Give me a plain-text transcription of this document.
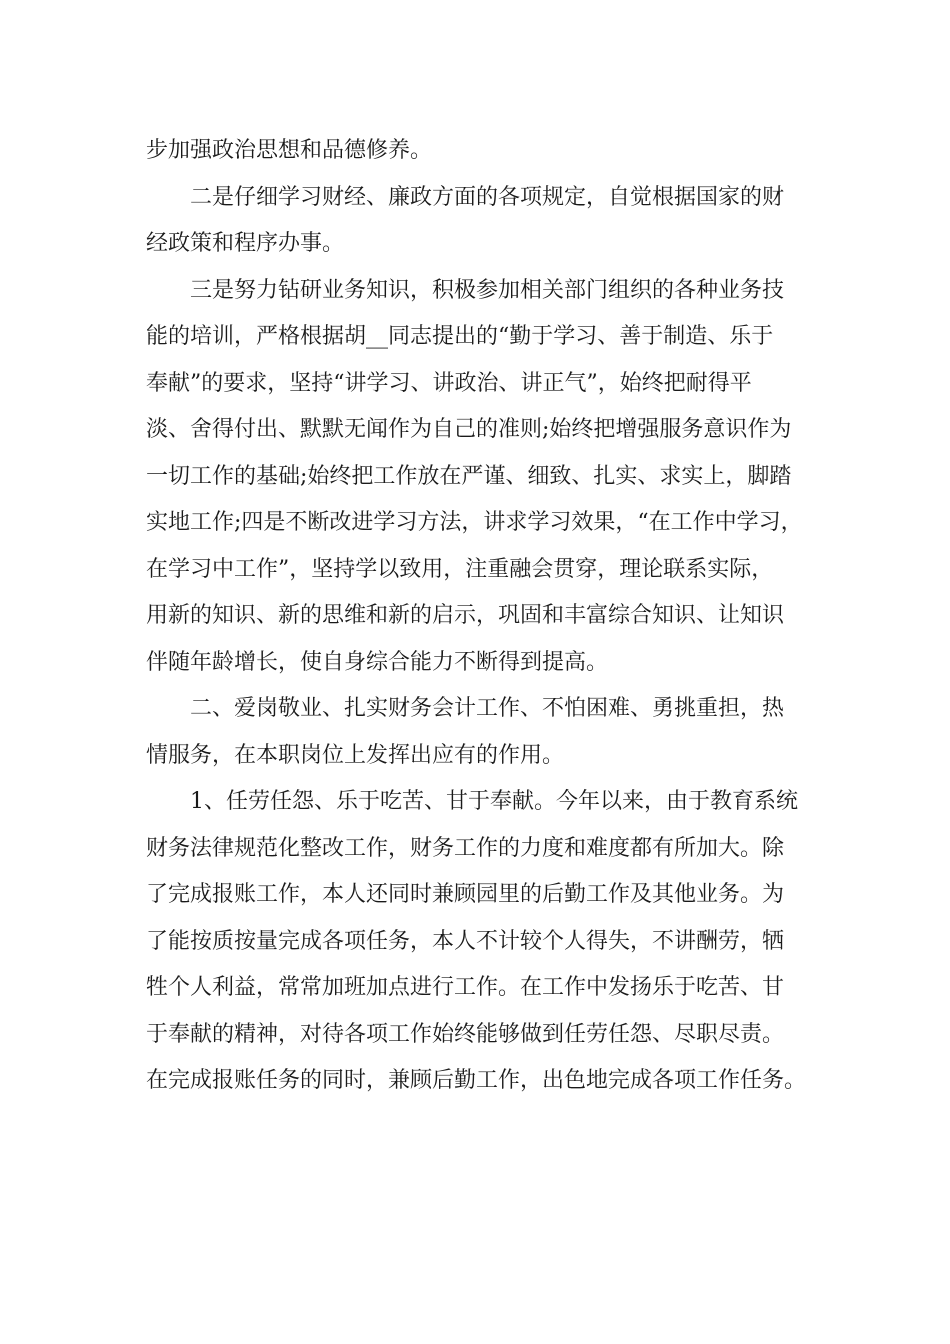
步加强政治思想和品德修养。
二是仔细学习财经、廉政方面的各项规定，自觉根据国家的财
经政策和程序办事。
三是努力钻研业务知识，积极参加相关部门组织的各种业务技
能的培训，严格根据胡__同志提出的“勤于学习、善于制造、乐于
奉献”的要求，坚持“讲学习、讲政治、讲正气”，始终把耐得平
淡、舍得付出、默默无闻作为自己的准则;始终把增强服务意识作为
一切工作的基础;始终把工作放在严谨、细致、扎实、求实上，脚踏
实地工作;四是不断改进学习方法，讲求学习效果，“在工作中学习，
在学习中工作”，坚持学以致用，注重融会贯穿，理论联系实际，
用新的知识、新的思维和新的启示，巩固和丰富综合知识、让知识
伴随年龄增长，使自身综合能力不断得到提高。
二、爱岗敬业、扎实财务会计工作、不怕困难、勇挑重担，热
情服务，在本职岗位上发挥出应有的作用。
1、任劳任怨、乐于吃苦、甘于奉献。今年以来，由于教育系统
财务法律规范化整改工作，财务工作的力度和难度都有所加大。除
了完成报账工作，本人还同时兼顾园里的后勤工作及其他业务。为
了能按质按量完成各项任务，本人不计较个人得失，不讲酬劳，牺
牲个人利益，常常加班加点进行工作。在工作中发扬乐于吃苦、甘
于奉献的精神，对待各项工作始终能够做到任劳任怨、尽职尽责。
在完成报账任务的同时，兼顾后勤工作，出色地完成各项工作任务。
